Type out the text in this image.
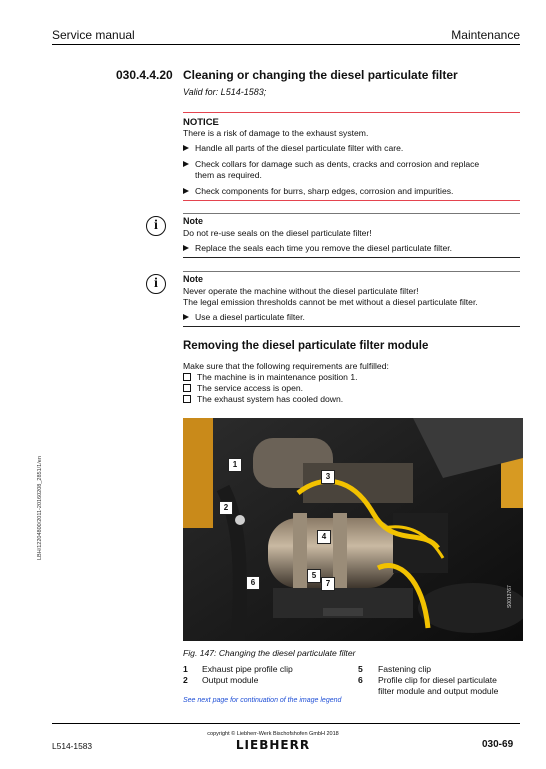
Service manual	Maintenance
030.4.4.20 Cleaning or changing the diesel particulate filter
Valid for: L514-1583;
NOTICE
There is a risk of damage to the exhaust system.
Handle all parts of the diesel particulate filter with care.
Check collars for damage such as dents, cracks and corrosion and replace
them as required.
Check components for burrs, sharp edges, corrosion and impurities.
i	Note
Do not re-use seals on the diesel particulate filter!
Replace the seals each time you remove the diesel particulate filter.
i	Note
Never operate the machine without the diesel particulate filter!
The legal emission thresholds cannot be met without a diesel particulate filter.
Use a diesel particulate filter.
Removing the diesel particulate filter module
Make sure that the following requirements are fulfilled:
The machine is in maintenance position 1.
The service access is open.
The exhaust system has cooled down.
1
2
3
4
5
6	7
S0013767
Fig. 147: Changing the diesel particulate filter
1 Exhaust pipe profile clip
2 Output module
5 Fastening clip
6 Profile clip for diesel particulate
filter module and output module
See next page for continuation of the image legend
copyright © Liebherr-Werk Bischofshofen GmbH 2018
LIEBHERR
L514-1583	030-69
LBH/12204800/2011-20160208_2851/1/en
